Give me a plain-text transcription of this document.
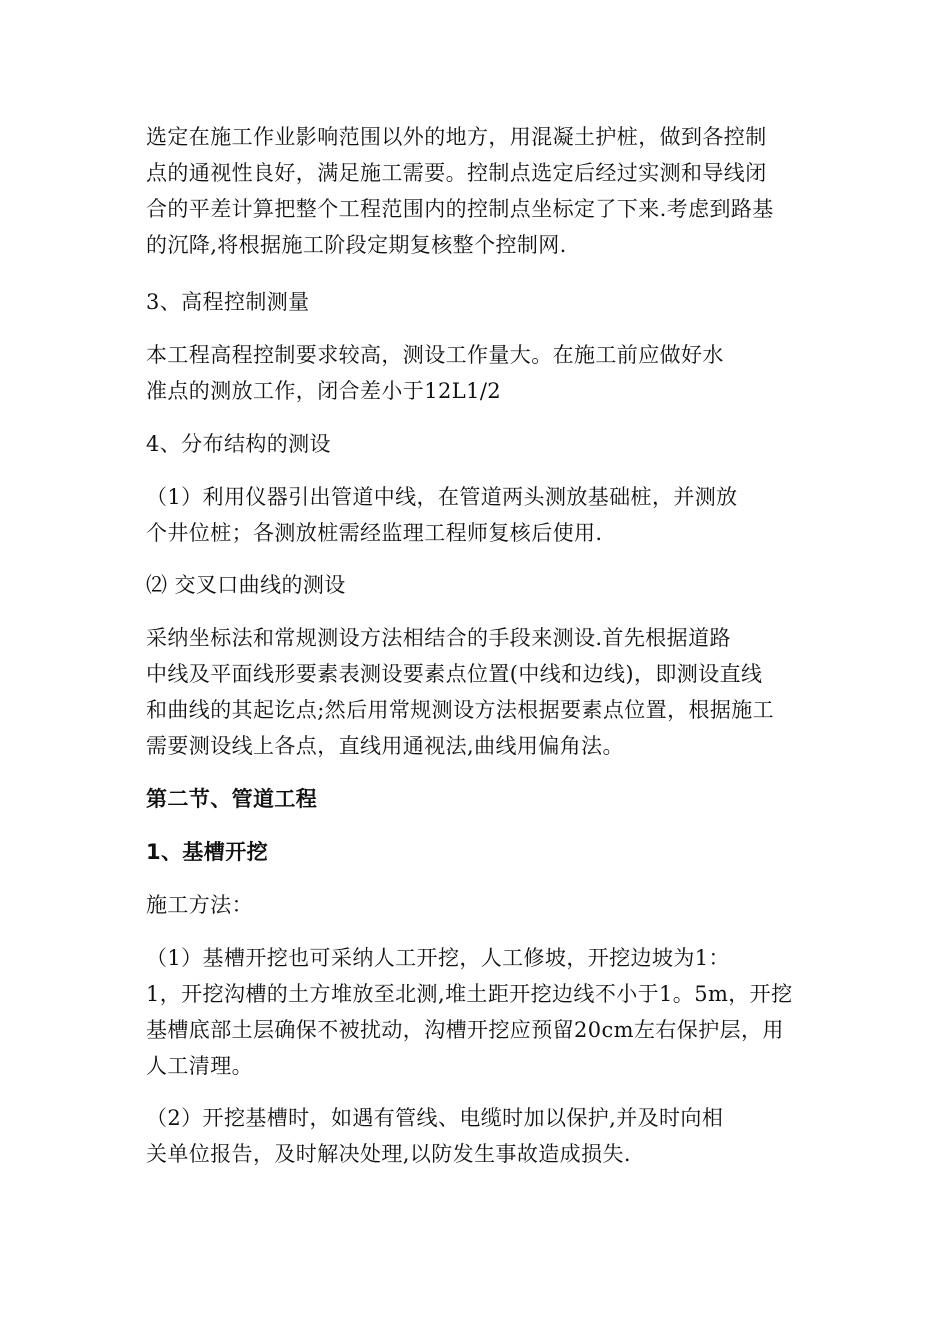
选定在施工作业影响范围以外的地方，用混凝土护桩，做到各控制
点的通视性良好，满足施工需要。控制点选定后经过实测和导线闭
合的平差计算把整个工程范围内的控制点坐标定了下来.考虑到路基
的沉降,将根据施工阶段定期复核整个控制网.
3、高程控制测量
本工程高程控制要求较高，测设工作量大。在施工前应做好水
准点的测放工作，闭合差小于12L1/2
4、分布结构的测设
（1）利用仪器引出管道中线，在管道两头测放基础桩，并测放
个井位桩；各测放桩需经监理工程师复核后使用.
⑵ 交叉口曲线的测设
采纳坐标法和常规测设方法相结合的手段来测设.首先根据道路
中线及平面线形要素表测设要素点位置(中线和边线)，即测设直线
和曲线的其起讫点;然后用常规测设方法根据要素点位置，根据施工
需要测设线上各点，直线用通视法,曲线用偏角法。
第二节、管道工程
1、基槽开挖
施工方法：
（1）基槽开挖也可采纳人工开挖，人工修坡，开挖边坡为1：
1，开挖沟槽的土方堆放至北测,堆土距开挖边线不小于1。5m，开挖
基槽底部土层确保不被扰动，沟槽开挖应预留20cm左右保护层，用
人工清理。
（2）开挖基槽时，如遇有管线、电缆时加以保护,并及时向相
关单位报告，及时解决处理,以防发生事故造成损失.
